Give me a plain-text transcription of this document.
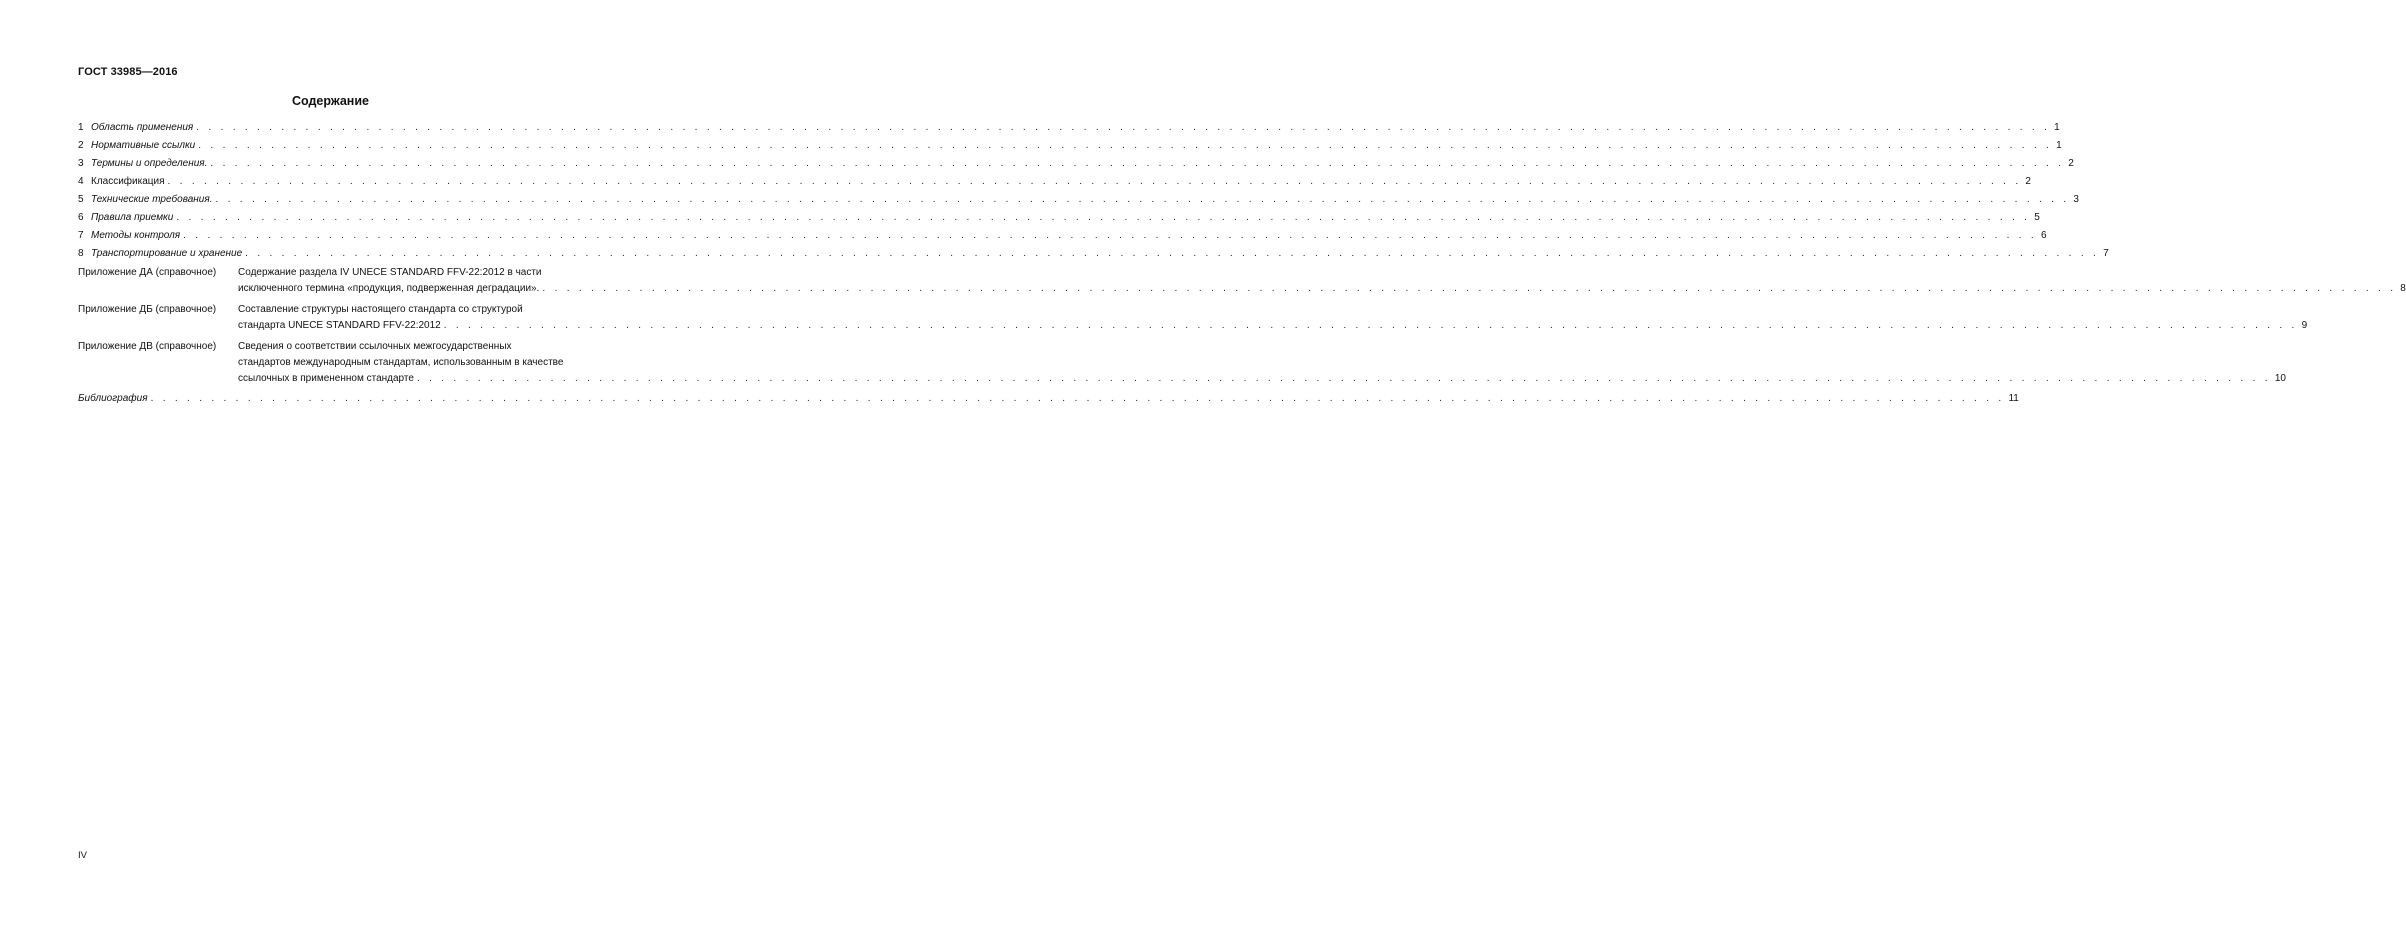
ГОСТ 33985—2016
Содержание
1 Область применения . . .	1
2 Нормативные ссылки . . .	1
3 Термины и определения. . . .	2
4 Классификация . . .	2
5 Технические требования. . . .	3
6 Правила приемки . . .	5
7 Методы контроля . . .	6
8 Транспортирование и хранение . . .	7
Приложение ДА (справочное)	Содержание раздела IV UNECE STANDARD FFV-22:2012 в части
исключенного термина «продукция, подверженная деградации». . . .	8
Приложение ДБ (справочное)	Составление структуры настоящего стандарта со структурой
стандарта UNECE STANDARD FFV-22:2012 . . .	9
Приложение ДВ (справочное)	Сведения о соответствии ссылочных межгосударственных
стандартов международным стандартам, использованным в качестве
ссылочных в примененном стандарте . . .	10
Библиография . . .	11
IV
